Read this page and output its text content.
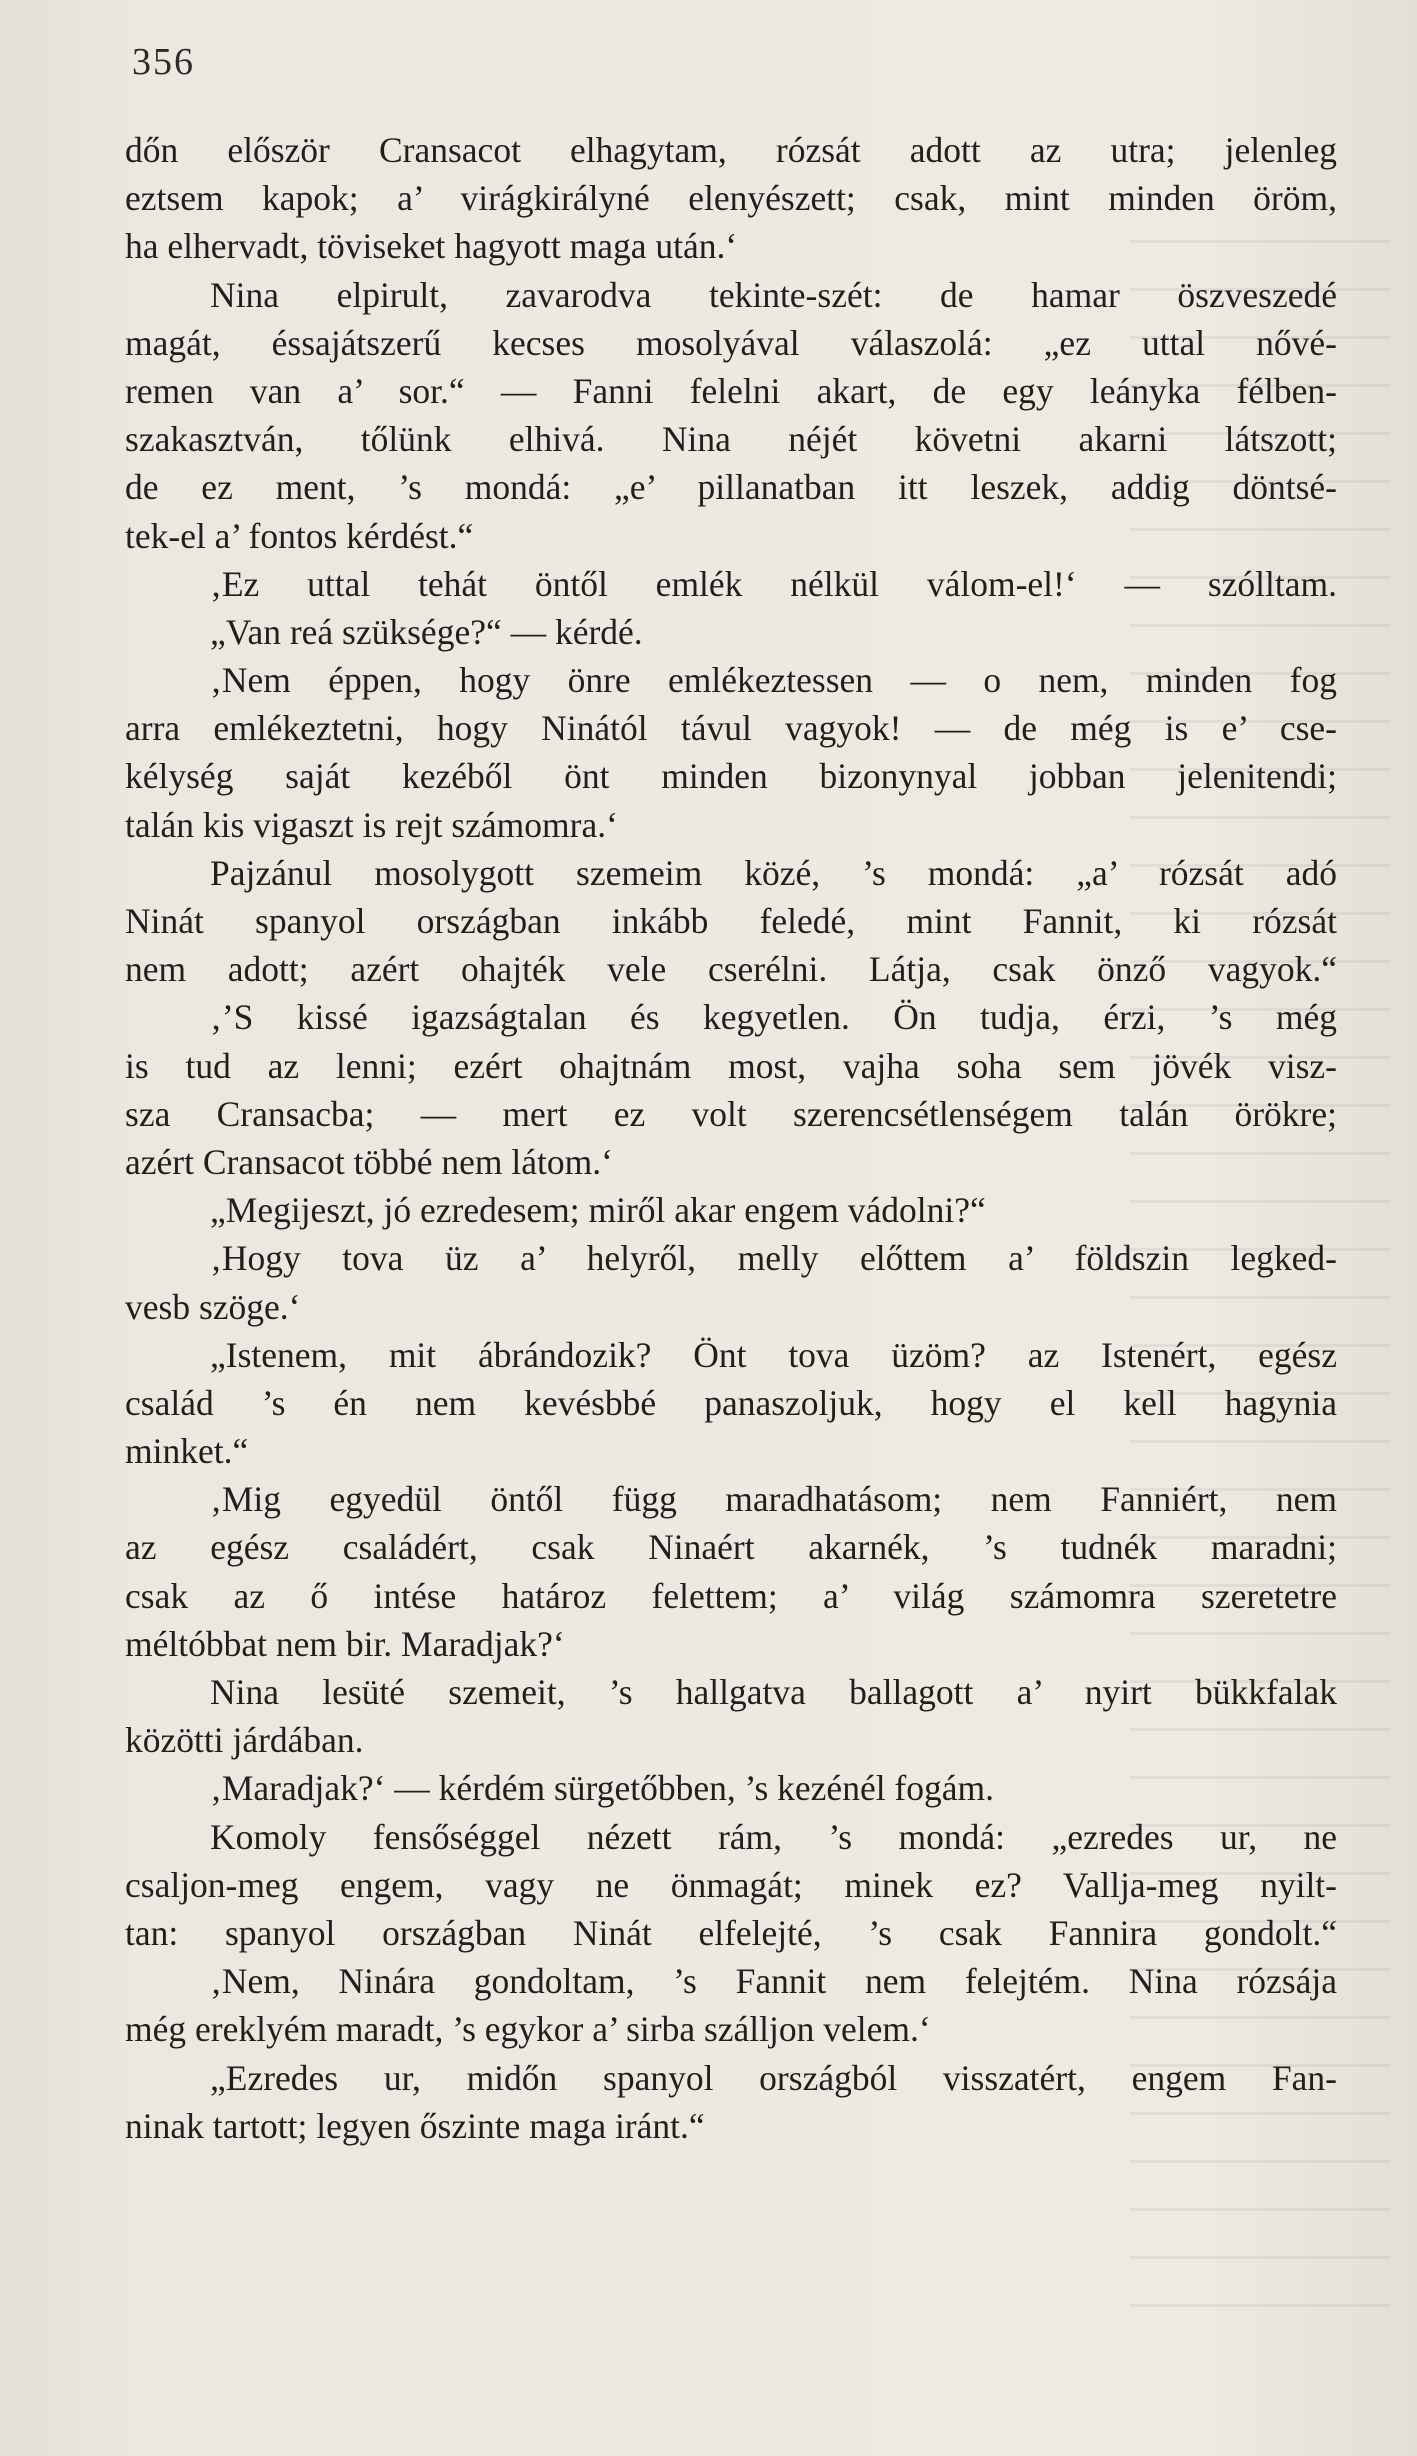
356
dőn először Cransacot elhagytam, rózsát adott az utra; jelenleg
eztsem kapok; a’ virágkirályné elenyészett; csak, mint minden öröm,
ha elhervadt, töviseket hagyott maga után.‘
Nina elpirult, zavarodva tekinte-szét: de hamar öszveszedé
magát, éssajátszerű kecses mosolyával válaszolá: „ez uttal nővé-
remen van a’ sor.“ — Fanni felelni akart, de egy leányka félben-
szakasztván, tőlünk elhivá. Nina néjét követni akarni látszott;
de ez ment, ’s mondá: „e’ pillanatban itt leszek, addig döntsé-
tek-el a’ fontos kérdést.“
‚Ez uttal tehát öntől emlék nélkül válom-el!‘ — szólltam.
„Van reá szüksége?“ — kérdé.
‚Nem éppen, hogy önre emlékeztessen — o nem, minden fog
arra emlékeztetni, hogy Ninától távul vagyok! — de még is e’ cse-
kélység saját kezéből önt minden bizonynyal jobban jelenitendi;
talán kis vigaszt is rejt számomra.‘
Pajzánul mosolygott szemeim közé, ’s mondá: „a’ rózsát adó
Ninát spanyol országban inkább feledé, mint Fannit, ki rózsát
nem adott; azért ohajték vele cserélni. Látja, csak önző vagyok.“
‚’S kissé igazságtalan és kegyetlen. Ön tudja, érzi, ’s még
is tud az lenni; ezért ohajtnám most, vajha soha sem jövék visz-
sza Cransacba; — mert ez volt szerencsétlenségem talán örökre;
azért Cransacot többé nem látom.‘
„Megijeszt, jó ezredesem; miről akar engem vádolni?“
‚Hogy tova üz a’ helyről, melly előttem a’ földszin legked-
vesb szöge.‘
„Istenem, mit ábrándozik? Önt tova üzöm? az Istenért, egész
család ’s én nem kevésbbé panaszoljuk, hogy el kell hagynia
minket.“
‚Mig egyedül öntől függ maradhatásom; nem Fanniért, nem
az egész családért, csak Ninaért akarnék, ’s tudnék maradni;
csak az ő intése határoz felettem; a’ világ számomra szeretetre
méltóbbat nem bir. Maradjak?‘
Nina lesüté szemeit, ’s hallgatva ballagott a’ nyirt bükkfalak
közötti járdában.
‚Maradjak?‘ — kérdém sürgetőbben, ’s kezénél fogám.
Komoly fensőséggel nézett rám, ’s mondá: „ezredes ur, ne
csaljon-meg engem, vagy ne önmagát; minek ez? Vallja-meg nyilt-
tan: spanyol országban Ninát elfelejté, ’s csak Fannira gondolt.“
‚Nem, Ninára gondoltam, ’s Fannit nem felejtém. Nina rózsája
még ereklyém maradt, ’s egykor a’ sirba szálljon velem.‘
„Ezredes ur, midőn spanyol országból visszatért, engem Fan-
ninak tartott; legyen őszinte maga iránt.“
